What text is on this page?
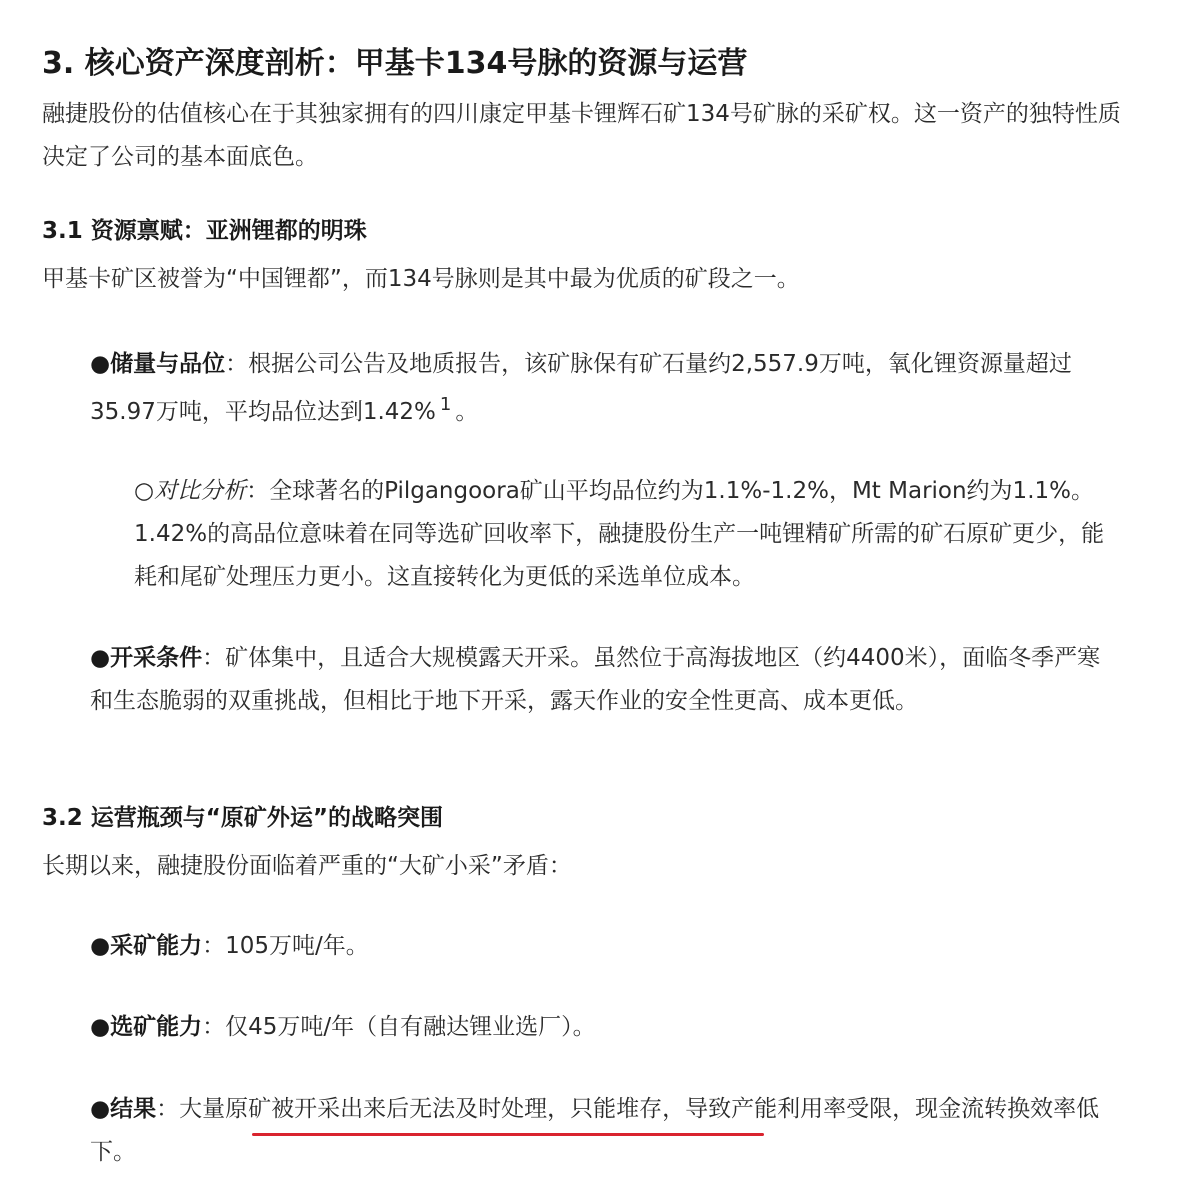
3. 核心资产深度剖析：甲基卡134号脉的资源与运营
融捷股份的估值核心在于其独家拥有的四川康定甲基卡锂辉石矿134号矿脉的采矿权。这一资产的独特性质决定了公司的基本面底色。
3.1 资源禀赋：亚洲锂都的明珠
甲基卡矿区被誉为“中国锂都”，而134号脉则是其中最为优质的矿段之一。
●储量与品位：根据公司公告及地质报告，该矿脉保有矿石量约2,557.9万吨，氧化锂资源量超过35.97万吨，平均品位达到1.42% $^1$ 。
○对比分析：全球著名的Pilgangoora矿山平均品位约为1.1%-1.2%，Mt Marion约为1.1%。1.42%的高品位意味着在同等选矿回收率下，融捷股份生产一吨锂精矿所需的矿石原矿更少，能耗和尾矿处理压力更小。这直接转化为更低的采选单位成本。
●开采条件：矿体集中，且适合大规模露天开采。虽然位于高海拔地区（约4400米），面临冬季严寒和生态脆弱的双重挑战，但相比于地下开采，露天作业的安全性更高、成本更低。
3.2 运营瓶颈与“原矿外运”的战略突围
长期以来，融捷股份面临着严重的“大矿小采”矛盾：
●采矿能力：105万吨/年。
●选矿能力：仅45万吨/年（自有融达锂业选厂）。
●结果：大量原矿被开采出来后无法及时处理，只能堆存，导致产能利用率受限，现金流转换效率低下。
